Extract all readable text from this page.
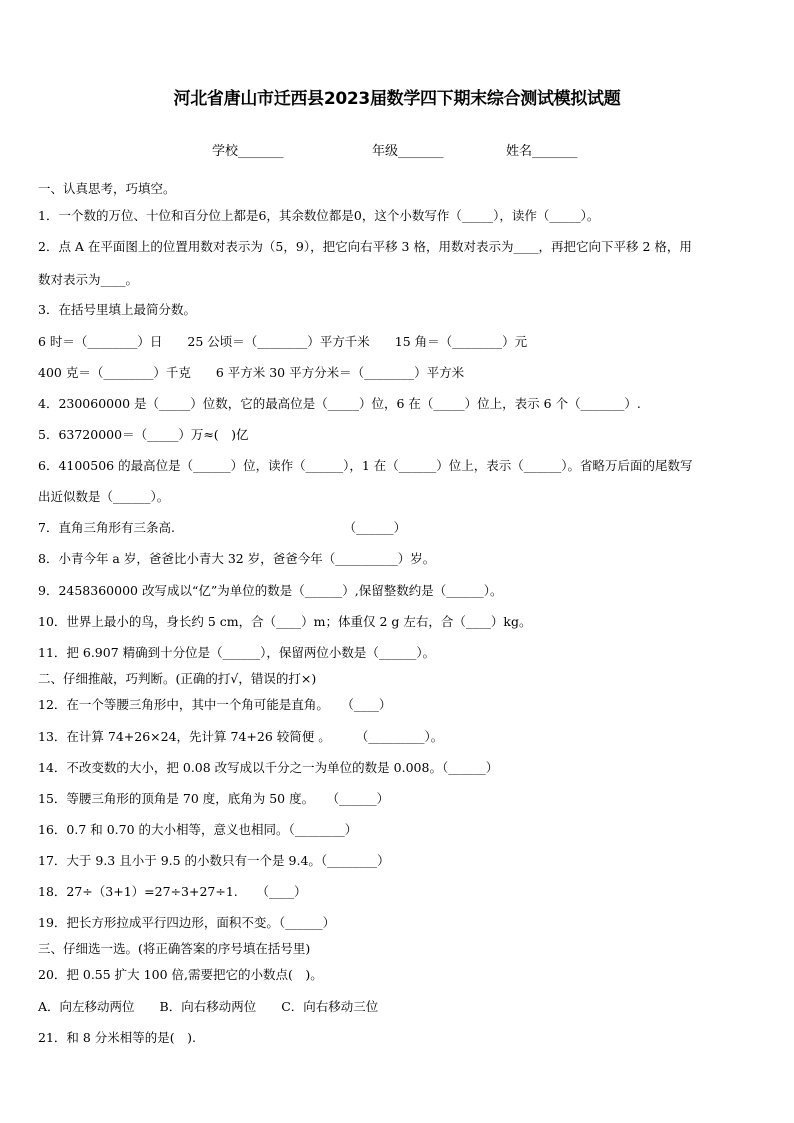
河北省唐山市迁西县2023届数学四下期末综合测试模拟试题
学校_______	年级_______	姓名_______
一、认真思考，巧填空。
1．一个数的万位、十位和百分位上都是6，其余数位都是0，这个小数写作（_____），读作（_____）。
2．点 A 在平面图上的位置用数对表示为（5，9），把它向右平移 3 格，用数对表示为____，再把它向下平移 2 格，用
数对表示为____。
3．在括号里填上最简分数。
6 时＝（________）日　　25 公顷＝（________）平方千米　　15 角＝（________）元
400 克＝（________）千克　　6 平方米 30 平方分米＝（________）平方米
4．230060000 是（_____）位数，它的最高位是（_____）位，6 在（_____）位上，表示 6 个（_______）.
5．63720000＝（_____）万≈(　)亿
6．4100506 的最高位是（______）位，读作（______），1 在（______）位上，表示（______）。省略万后面的尾数写
出近似数是（______）。
7．直角三角形有三条高.　　　　　　　　　　　　　　（______）
8．小青今年 a 岁，爸爸比小青大 32 岁，爸爸今年（__________）岁。
9．2458360000 改写成以“亿”为单位的数是（______）,保留整数约是（______）。
10．世界上最小的鸟，身长约 5 cm，合（____）m；体重仅 2 g 左右，合（____）kg。
11．把 6.907 精确到十分位是（______），保留两位小数是（______）。
二、仔细推敲，巧判断。(正确的打√，错误的打×)
12．在一个等腰三角形中，其中一个角可能是直角。　　（____）
13．在计算 74+26×24，先计算 74+26 较简便 。　　　（_________）。
14．不改变数的大小，把 0.08 改写成以千分之一为单位的数是 0.008。（______）
15．等腰三角形的顶角是 70 度，底角为 50 度。　　（______）
16．0.7 和 0.70 的大小相等，意义也相同。（________）
17．大于 9.3 且小于 9.5 的小数只有一个是 9.4。（________）
18．27÷（3+1）=27÷3+27÷1.　　（____）
19．把长方形拉成平行四边形，面积不变。（______）
三、仔细选一选。(将正确答案的序号填在括号里)
20．把 0.55 扩大 100 倍,需要把它的小数点(　)。
A．向左移动两位　　B．向右移动两位　　C．向右移动三位
21．和 8 分米相等的是(　).
